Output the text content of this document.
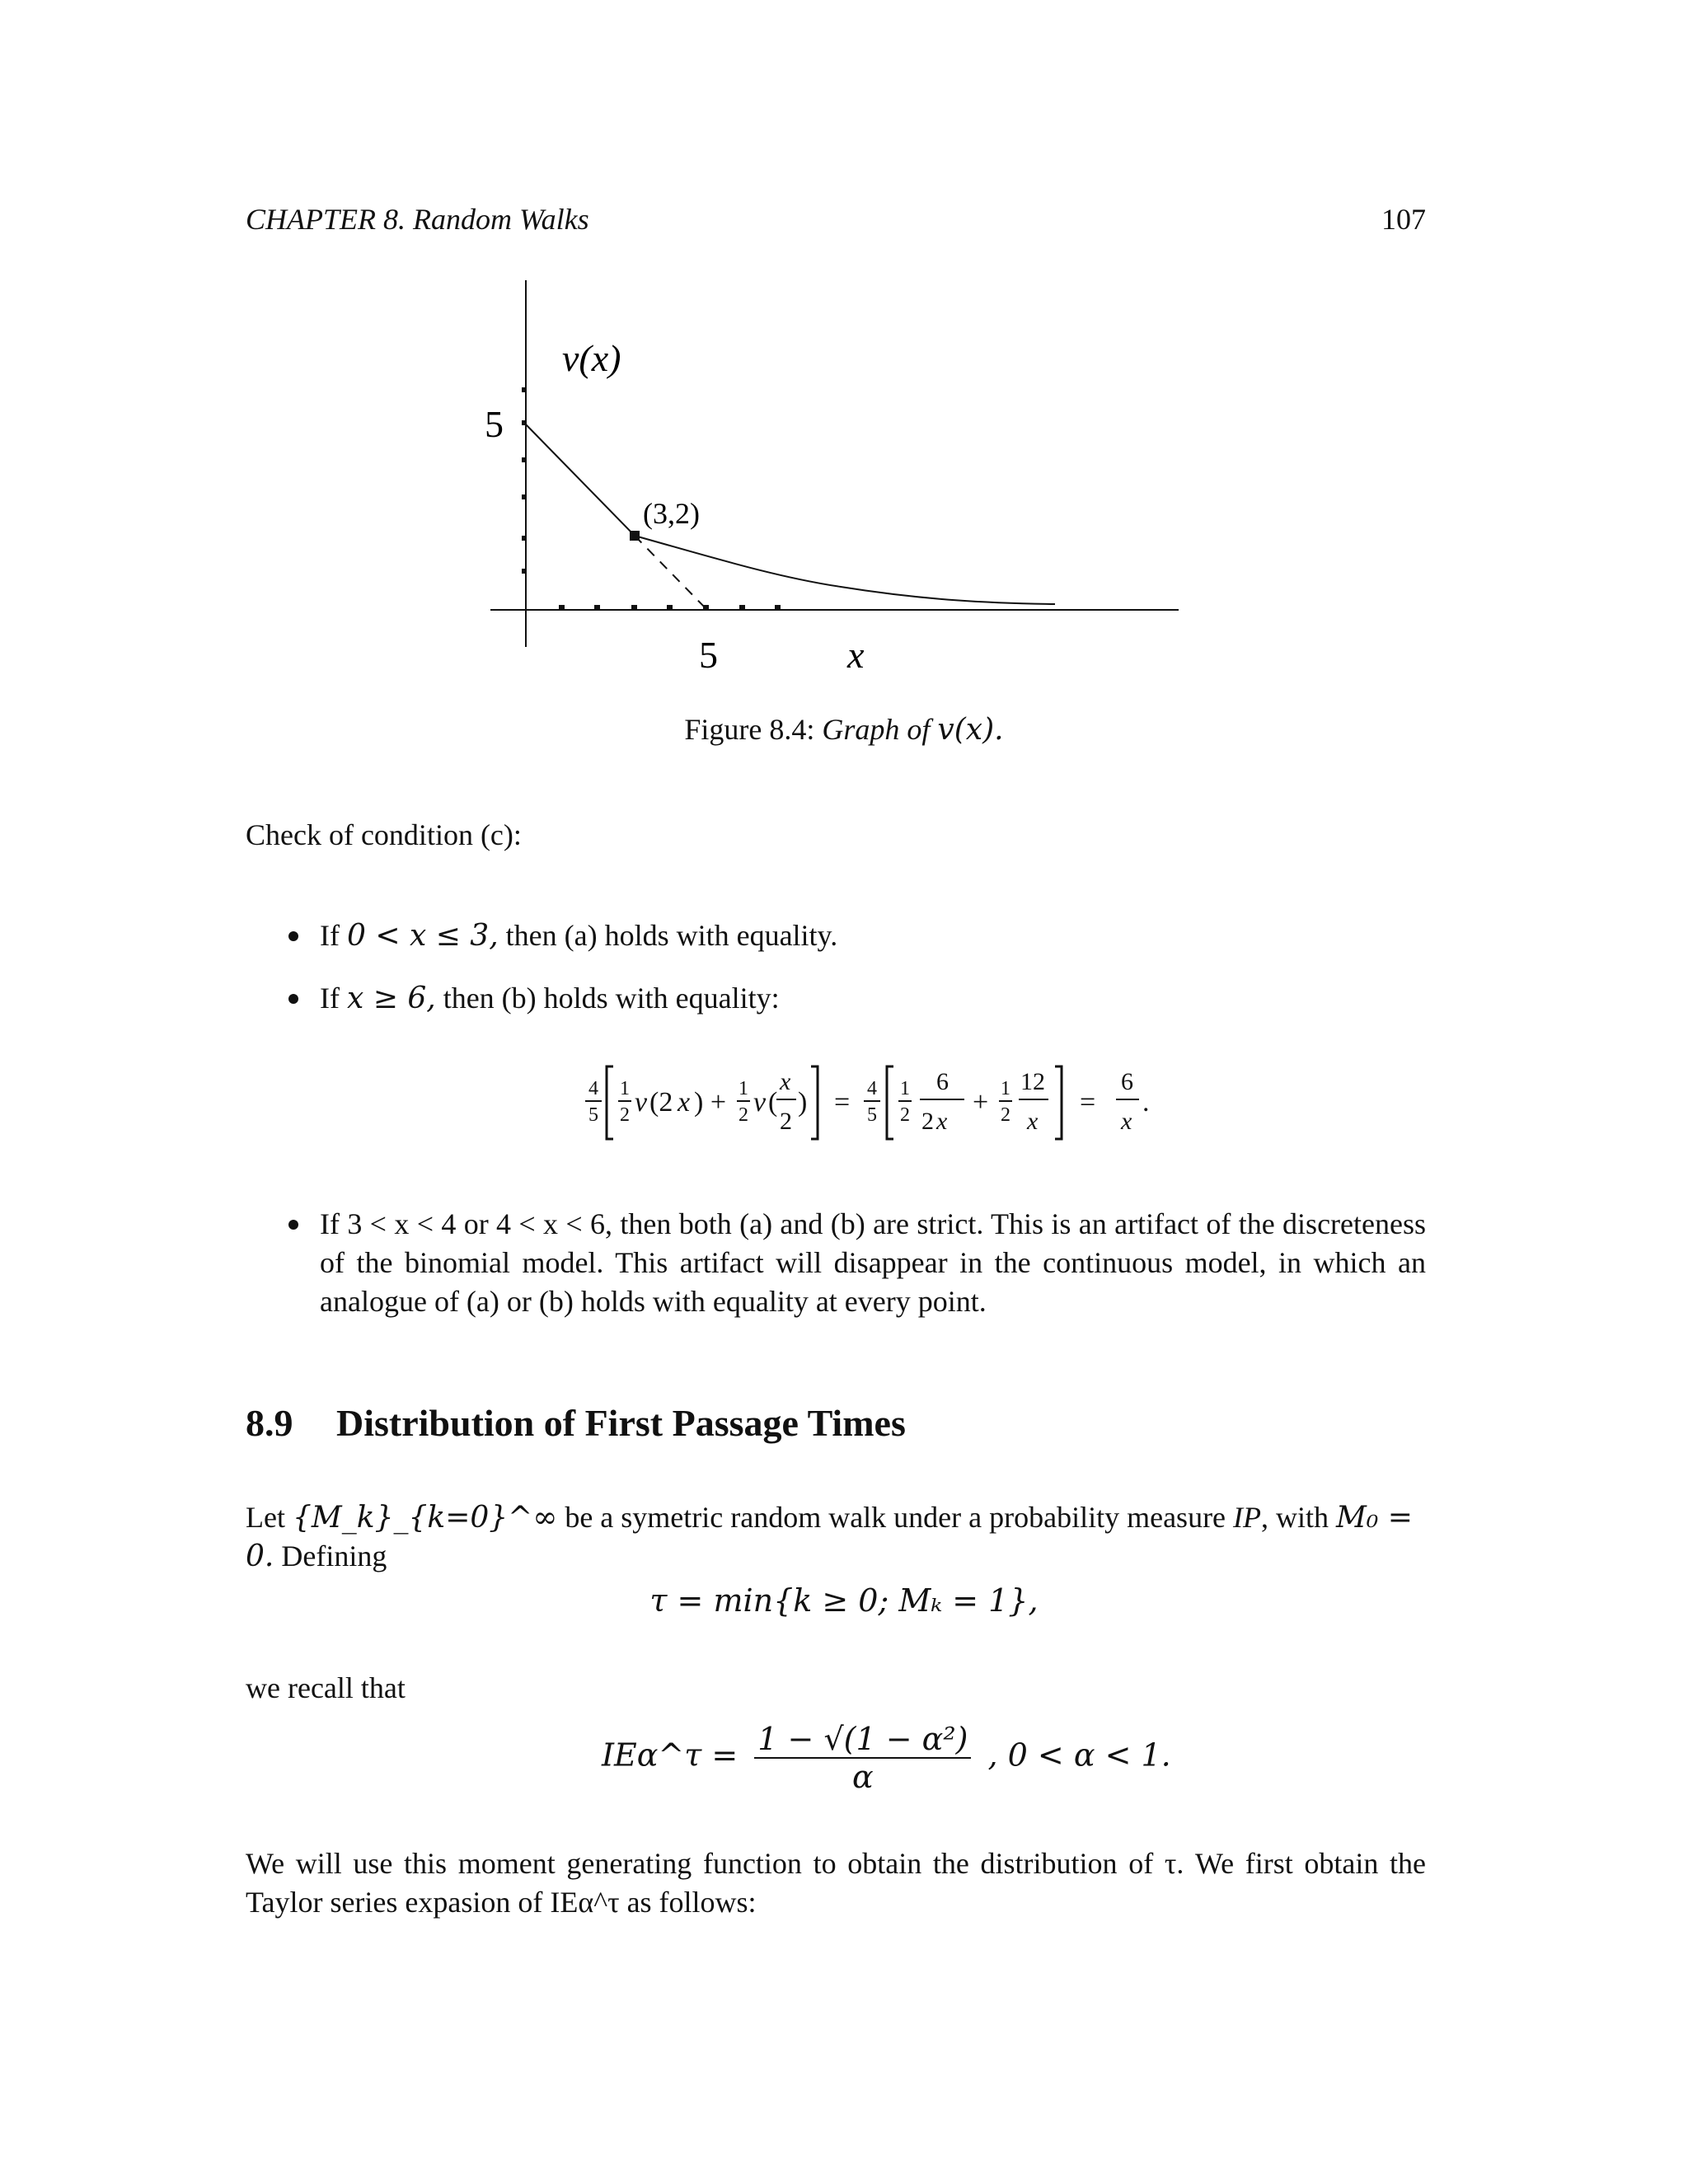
CHAPTER 8. Random Walks	107
v(x)
5
(3,2)
5	x
Figure 8.4: Graph of v(x).
Check of condition (c):
If 0 < x ≤ 3, then (a) holds with equality.
If x ≥ 6, then (b) holds with equality:
4
5
1
2 v (2 x ) + 1
2 v (
x
2
) = 4
5
1
2
6
2 x
+ 1
2
12
x
=
6
x
.
If 3 < x < 4 or 4 < x < 6, then both (a) and (b) are strict. This is an artifact of the discreteness of the binomial model. This artifact will disappear in the continuous model, in which an analogue of (a) or (b) holds with equality at every point.
8.9 Distribution of First Passage Times
Let {M_k}_{k=0}^∞ be a symetric random walk under a probability measure IP, with M₀ = 0. Defining
τ = min{k ≥ 0; Mₖ = 1},
we recall that
IEα^τ = $\frac{\text{1 − √(1 − α²)}}{\alpha}$ , 0 < α < 1.
We will use this moment generating function to obtain the distribution of τ. We first obtain the Taylor series expasion of IEα^τ as follows:
